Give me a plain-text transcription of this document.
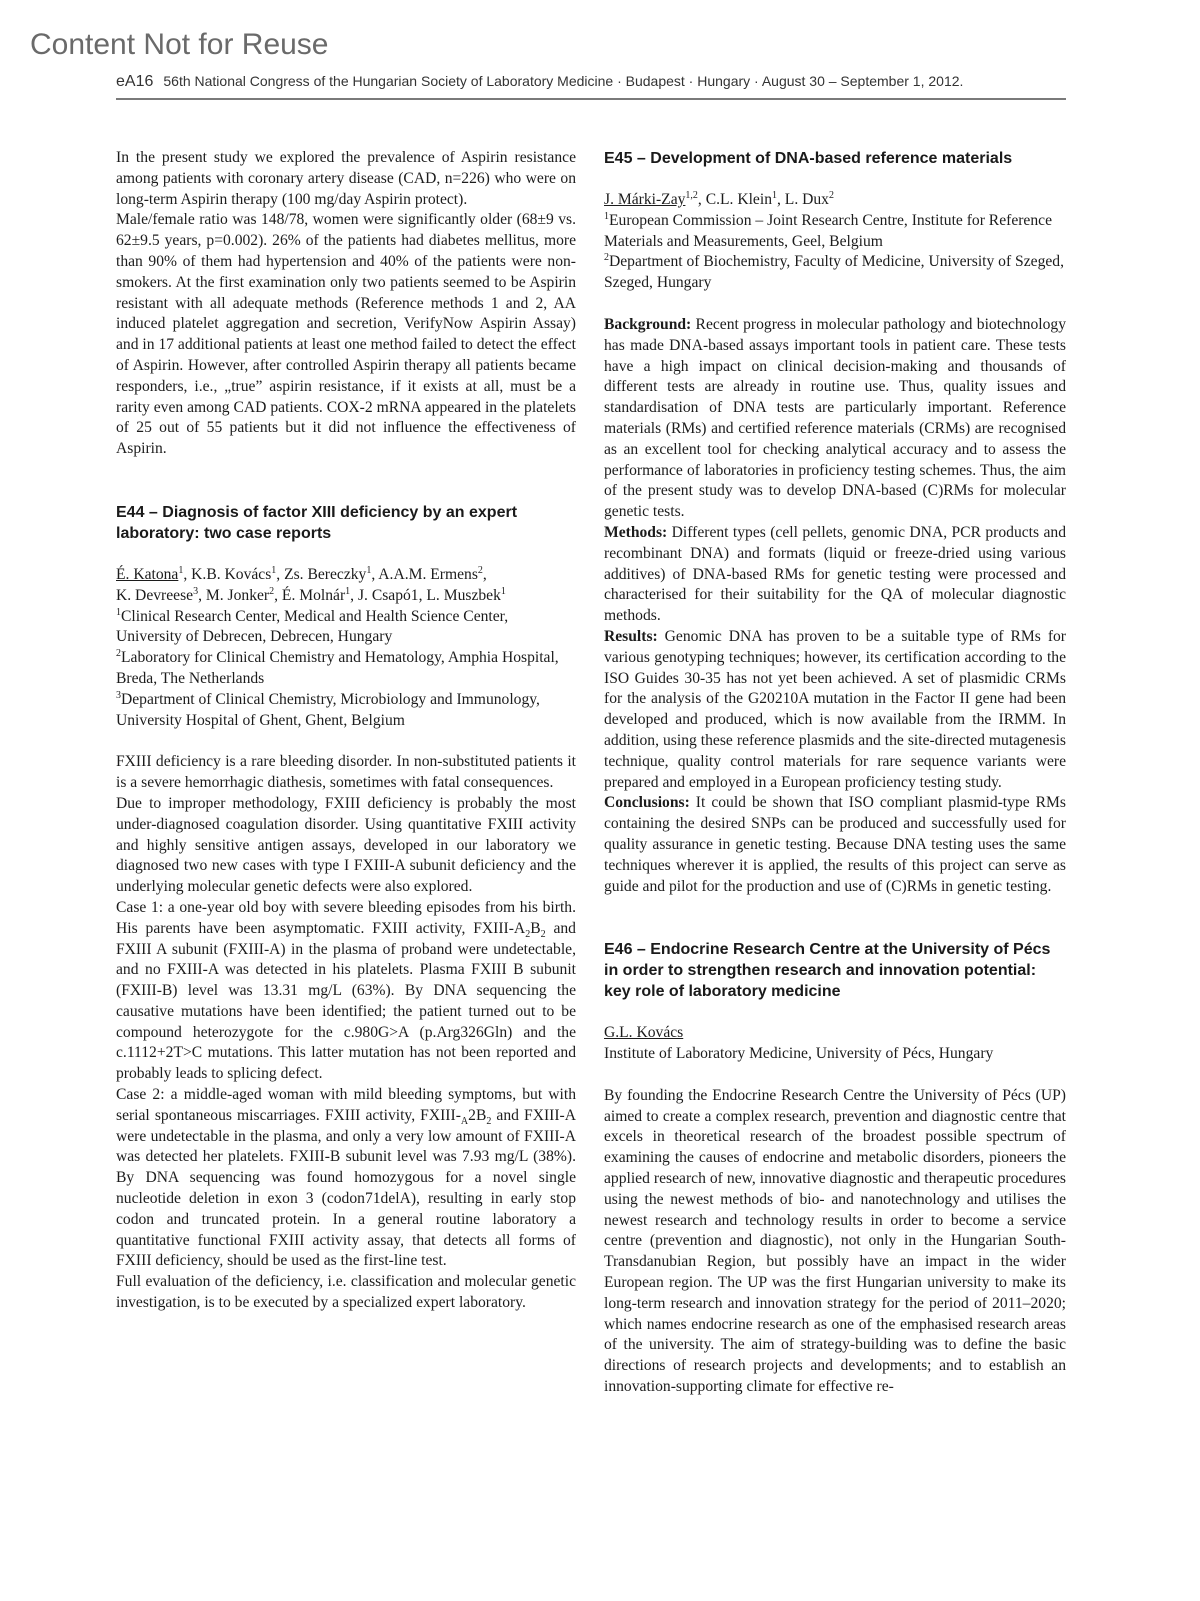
Content Not for Reuse
eA16 56th National Congress of the Hungarian Society of Laboratory Medicine · Budapest · Hungary · August 30 – September 1, 2012.

In the present study we explored the prevalence of Aspirin resistance among patients with coronary artery disease (CAD, n=226) who were on long-term Aspirin therapy (100 mg/day Aspirin protect).

Male/female ratio was 148/78, women were significantly older (68±9 vs. 62±9.5 years, p=0.002). 26% of the patients had diabetes mellitus, more than 90% of them had hypertension and 40% of the patients were non-smokers. At the first examination only two patients seemed to be Aspirin resistant with all adequate methods (Reference methods 1 and 2, AA induced platelet aggregation and secretion, VerifyNow Aspirin Assay) and in 17 additional patients at least one method failed to detect the effect of Aspirin. However, after controlled Aspirin therapy all patients became responders, i.e., „true” aspirin resistance, if it exists at all, must be a rarity even among CAD patients. COX-2 mRNA appeared in the platelets of 25 out of 55 patients but it did not influence the effectiveness of Aspirin.

E44 – Diagnosis of factor XIII deficiency by an expert laboratory: two case reports

É. Katona$^1$, K.B. Kovács$^1$, Zs. Bereczky$^1$, A.A.M. Ermens$^2$,
K. Devreese$^3$, M. Jonker$^2$, É. Molnár$^1$, J. Csapó1, L. Muszbek$^1$

$^1$Clinical Research Center, Medical and Health Science Center, University of Debrecen, Debrecen, Hungary

$^2$Laboratory for Clinical Chemistry and Hematology, Amphia Hospital, Breda, The Netherlands

$^3$Department of Clinical Chemistry, Microbiology and Immunology, University Hospital of Ghent, Ghent, Belgium

FXIII deficiency is a rare bleeding disorder. In non-substituted patients it is a severe hemorrhagic diathesis, sometimes with fatal consequences.

Due to improper methodology, FXIII deficiency is probably the most under-diagnosed coagulation disorder. Using quantitative FXIII activity and highly sensitive antigen assays, developed in our laboratory we diagnosed two new cases with type I FXIII-A subunit deficiency and the underlying molecular genetic defects were also explored.

Case 1: a one-year old boy with severe bleeding episodes from his birth. His parents have been asymptomatic. FXIII activity, FXIII-$A_2B_2$ and FXIII A subunit (FXIII-A) in the plasma of proband were undetectable, and no FXIII-A was detected in his platelets. Plasma FXIII B subunit (FXIII-B) level was 13.31 mg/L (63%). By DNA sequencing the causative mutations have been identified; the patient turned out to be compound heterozygote for the c.980G>A (p.Arg326Gln) and the c.1112+2T>C mutations. This latter mutation has not been reported and probably leads to splicing defect.

Case 2: a middle-aged woman with mild bleeding symptoms, but with serial spontaneous miscarriages. FXIII activity, FXIII-$_A2B_2$ and FXIII-A were undetectable in the plasma, and only a very low amount of FXIII-A was detected her platelets. FXIII-B subunit level was 7.93 mg/L (38%). By DNA sequencing was found homozygous for a novel single nucleotide deletion in exon 3 (codon71delA), resulting in early stop codon and truncated protein. In a general routine laboratory a quantitative functional FXIII activity assay, that detects all forms of FXIII deficiency, should be used as the first-line test.

Full evaluation of the deficiency, i.e. classification and molecular genetic investigation, is to be executed by a specialized expert laboratory.

E45 – Development of DNA-based reference materials

J. Márki-Zay$^{1,2}$, C.L. Klein$^1$, L. Dux$^2$

$^1$European Commission – Joint Research Centre, Institute for Reference Materials and Measurements, Geel, Belgium

$^2$Department of Biochemistry, Faculty of Medicine, University of Szeged, Szeged, Hungary

Background: Recent progress in molecular pathology and biotechnology has made DNA-based assays important tools in patient care. These tests have a high impact on clinical decision-making and thousands of different tests are already in routine use. Thus, quality issues and standardisation of DNA tests are particularly important. Reference materials (RMs) and certified reference materials (CRMs) are recognised as an excellent tool for checking analytical accuracy and to assess the performance of laboratories in proficiency testing schemes. Thus, the aim of the present study was to develop DNA-based (C)RMs for molecular genetic tests.

Methods: Different types (cell pellets, genomic DNA, PCR products and recombinant DNA) and formats (liquid or freeze-dried using various additives) of DNA-based RMs for genetic testing were processed and characterised for their suitability for the QA of molecular diagnostic methods.

Results: Genomic DNA has proven to be a suitable type of RMs for various genotyping techniques; however, its certification according to the ISO Guides 30-35 has not yet been achieved. A set of plasmidic CRMs for the analysis of the G20210A mutation in the Factor II gene had been developed and produced, which is now available from the IRMM. In addition, using these reference plasmids and the site-directed mutagenesis technique, quality control materials for rare sequence variants were prepared and employed in a European proficiency testing study.

Conclusions: It could be shown that ISO compliant plasmid-type RMs containing the desired SNPs can be produced and successfully used for quality assurance in genetic testing. Because DNA testing uses the same techniques wherever it is applied, the results of this project can serve as guide and pilot for the production and use of (C)RMs in genetic testing.

E46 – Endocrine Research Centre at the University of Pécs in order to strengthen research and innovation potential: key role of laboratory medicine

G.L. Kovács

Institute of Laboratory Medicine, University of Pécs, Hungary

By founding the Endocrine Research Centre the University of Pécs (UP) aimed to create a complex research, prevention and diagnostic centre that excels in theoretical research of the broadest possible spectrum of examining the causes of endocrine and metabolic disorders, pioneers the applied research of new, innovative diagnostic and therapeutic procedures using the newest methods of bio- and nanotechnology and utilises the newest research and technology results in order to become a service centre (prevention and diagnostic), not only in the Hungarian South-Transdanubian Region, but possibly have an impact in the wider European region. The UP was the first Hungarian university to make its long-term research and innovation strategy for the period of 2011–2020; which names endocrine research as one of the emphasised research areas of the university. The aim of strategy-building was to define the basic directions of research projects and developments; and to establish an innovation-supporting climate for effective re-
